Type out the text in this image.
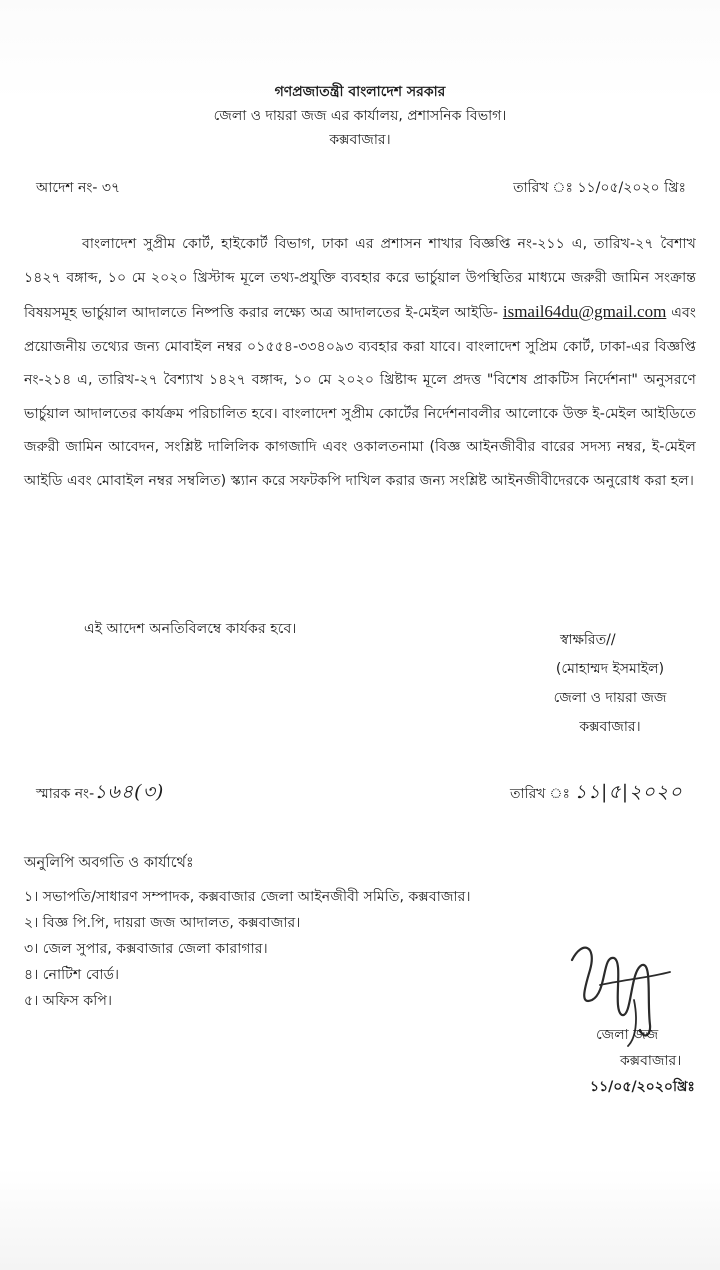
গণপ্রজাতন্ত্রী বাংলাদেশ সরকার
জেলা ও দায়রা জজ এর কার্যালয়, প্রশাসনিক বিভাগ।
কক্সবাজার।
আদেশ নং- ৩৭	তারিখ ঃ ১১/০৫/২০২০ খ্রিঃ
বাংলাদেশ সুপ্রীম কোর্ট, হাইকোর্ট বিভাগ, ঢাকা এর প্রশাসন শাখার বিজ্ঞপ্তি নং-২১১ এ, তারিখ-২৭ বৈশাখ ১৪২৭ বঙ্গাব্দ, ১০ মে ২০২০ খ্রিস্টাব্দ মূলে তথ্য-প্রযুক্তি ব্যবহার করে ভার্চুয়াল উপস্থিতির মাধ্যমে জরুরী জামিন সংক্রান্ত বিষয়সমূহ ভার্চুয়াল আদালতে নিষ্পত্তি করার লক্ষ্যে অত্র আদালতের ই-মেইল আইডি- ismail64du@gmail.com এবং প্রয়োজনীয় তথ্যের জন্য মোবাইল নম্বর ০১৫৫৪-৩৩৪০৯৩ ব্যবহার করা যাবে। বাংলাদেশ সুপ্রিম কোর্ট, ঢাকা-এর বিজ্ঞপ্তি নং-২১৪ এ, তারিখ-২৭ বৈশ্যাখ ১৪২৭ বঙ্গাব্দ, ১০ মে ২০২০ খ্রিষ্টাব্দ মূলে প্রদত্ত "বিশেষ প্রাকটিস নির্দেশনা" অনুসরণে ভার্চুয়াল আদালতের কার্যক্রম পরিচালিত হবে। বাংলাদেশ সুপ্রীম কোর্টের নির্দেশনাবলীর আলোকে উক্ত ই-মেইল আইডিতে জরুরী জামিন আবেদন, সংশ্লিষ্ট দালিলিক কাগজাদি এবং ওকালতনামা (বিজ্ঞ আইনজীবীর বারের সদস্য নম্বর, ই-মেইল আইডি এবং মোবাইল নম্বর সম্বলিত) স্ক্যান করে সফটকপি দাখিল করার জন্য সংশ্লিষ্ট আইনজীবীদেরকে অনুরোধ করা হল।
এই আদেশ অনতিবিলম্বে কার্যকর হবে।
স্বাক্ষরিত//
(মোহাম্মদ ইসমাইল)
জেলা ও দায়রা জজ
কক্সবাজার।
স্মারক নং-১৬৪(৩)	তারিখ ঃ ১১|৫|২০২০
অনুলিপি অবগতি ও কার্যার্থেঃ
১। সভাপতি/সাধারণ সম্পাদক, কক্সবাজার জেলা আইনজীবী সমিতি, কক্সবাজার।
২। বিজ্ঞ পি.পি, দায়রা জজ আদালত, কক্সবাজার।
৩। জেল সুপার, কক্সবাজার জেলা কারাগার।
৪। নোটিশ বোর্ড।
৫। অফিস কপি।
জেলা জজ
কক্সবাজার।
১১/০৫/২০২০খ্রিঃ
